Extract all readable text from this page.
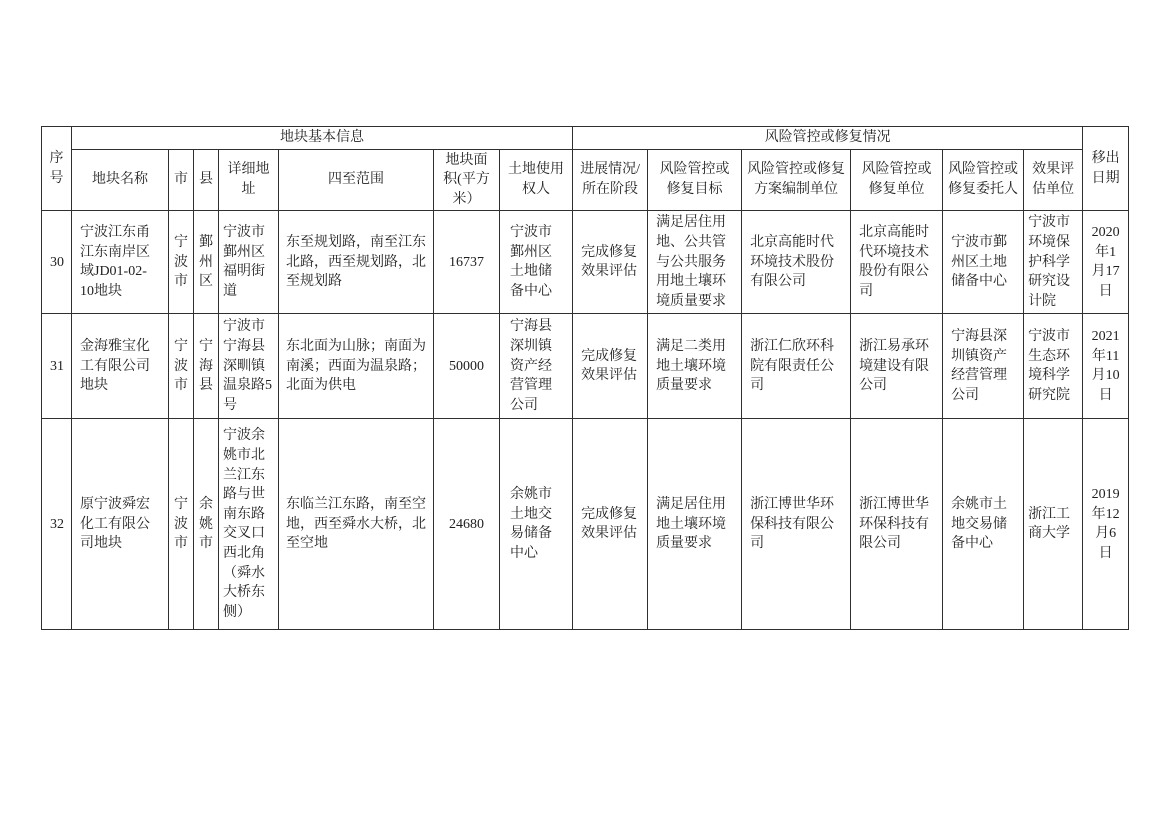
序号	地块基本信息							风险管控或修复情况						移出日期
	地块名称	市	县	详细地址	四至范围	地块面积(平方米）	土地使用权人	进展情况/所在阶段	风险管控或修复目标	风险管控或修复方案编制单位	风险管控或修复单位	风险管控或修复委托人	效果评估单位	
30	宁波江东甬江东南岸区域JD01-02-10地块	宁波市	鄞州区	宁波市鄞州区福明街道	东至规划路，南至江东北路，西至规划路，北至规划路	16737	宁波市鄞州区土地储备中心	完成修复效果评估	满足居住用地、公共管与公共服务用地土壤环境质量要求	北京高能时代环境技术股份有限公司	北京高能时代环境技术股份有限公司	宁波市鄞州区土地储备中心	宁波市环境保护科学研究设计院	2020年1月17日
31	金海雅宝化工有限公司地块	宁波市	宁海县	宁波市宁海县深甽镇温泉路5号	东北面为山脉；南面为南溪；西面为温泉路；北面为供电	50000	宁海县深圳镇资产经营管理公司	完成修复效果评估	满足二类用地土壤环境质量要求	浙江仁欣环科院有限责任公司	浙江易承环境建设有限公司	宁海县深圳镇资产经营管理公司	宁波市生态环境科学研究院	2021年11月10日
32	原宁波舜宏化工有限公司地块	宁波市	余姚市	宁波余姚市北兰江东路与世南东路交叉口西北角（舜水大桥东侧）	东临兰江东路，南至空地，西至舜水大桥，北至空地	24680	余姚市土地交易储备中心	完成修复效果评估	满足居住用地土壤环境质量要求	浙江博世华环保科技有限公司	浙江博世华环保科技有限公司	余姚市土地交易储备中心	浙江工商大学	2019年12月6日
